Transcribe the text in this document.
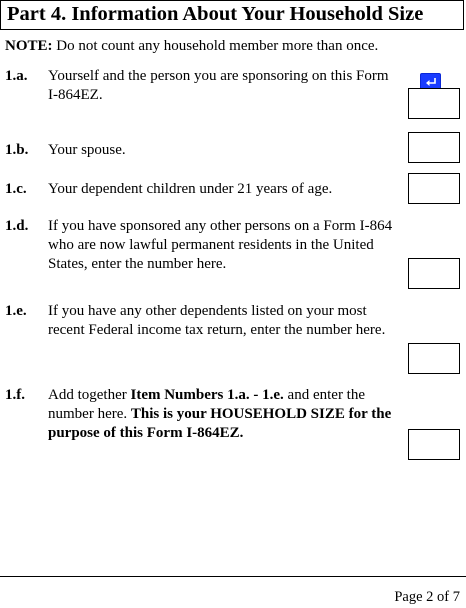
Part 4. Information About Your Household Size
NOTE: Do not count any household member more than once.
1.a. Yourself and the person you are sponsoring on this Form
I-864EZ.
1.b. Your spouse.
1.c. Your dependent children under 21 years of age.
1.d. If you have sponsored any other persons on a Form I-864
who are now lawful permanent residents in the United
States, enter the number here.
1.e. If you have any other dependents listed on your most
recent Federal income tax return, enter the number here.
1.f. Add together Item Numbers 1.a. - 1.e. and enter the
number here. This is your HOUSEHOLD SIZE for the
purpose of this Form I-864EZ.
Page 2 of 7
